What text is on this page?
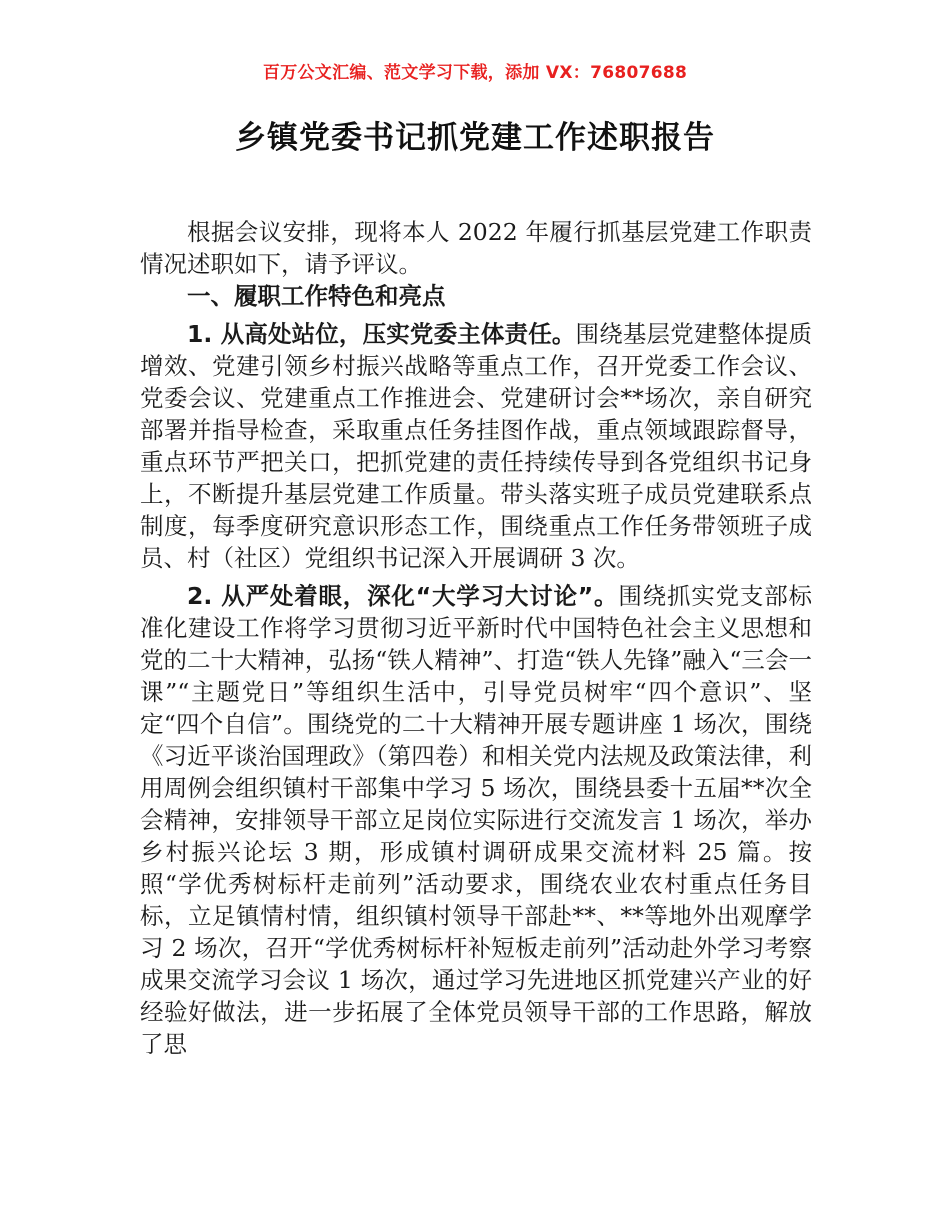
百万公文汇编、范文学习下载，添加 VX：76807688
乡镇党委书记抓党建工作述职报告

根据会议安排，现将本人 2022 年履行抓基层党建工作职责情况述职如下，请予评议。

一、履职工作特色和亮点

1. 从高处站位，压实党委主体责任。围绕基层党建整体提质增效、党建引领乡村振兴战略等重点工作，召开党委工作会议、党委会议、党建重点工作推进会、党建研讨会**场次，亲自研究部署并指导检查，采取重点任务挂图作战，重点领域跟踪督导，重点环节严把关口，把抓党建的责任持续传导到各党组织书记身上，不断提升基层党建工作质量。带头落实班子成员党建联系点制度，每季度研究意识形态工作，围绕重点工作任务带领班子成员、村（社区）党组织书记深入开展调研 3 次。

2. 从严处着眼，深化“大学习大讨论”。围绕抓实党支部标准化建设工作将学习贯彻习近平新时代中国特色社会主义思想和党的二十大精神，弘扬“铁人精神”、打造“铁人先锋”融入“三会一课”“主题党日”等组织生活中，引导党员树牢“四个意识”、坚定“四个自信”。围绕党的二十大精神开展专题讲座 1 场次，围绕《习近平谈治国理政》（第四卷）和相关党内法规及政策法律，利用周例会组织镇村干部集中学习 5 场次，围绕县委十五届**次全会精神，安排领导干部立足岗位实际进行交流发言 1 场次，举办乡村振兴论坛 3 期，形成镇村调研成果交流材料 25 篇。按照“学优秀树标杆走前列”活动要求，围绕农业农村重点任务目标，立足镇情村情，组织镇村领导干部赴**、**等地外出观摩学习 2 场次，召开“学优秀树标杆补短板走前列”活动赴外学习考察成果交流学习会议 1 场次，通过学习先进地区抓党建兴产业的好经验好做法，进一步拓展了全体党员领导干部的工作思路，解放了思
